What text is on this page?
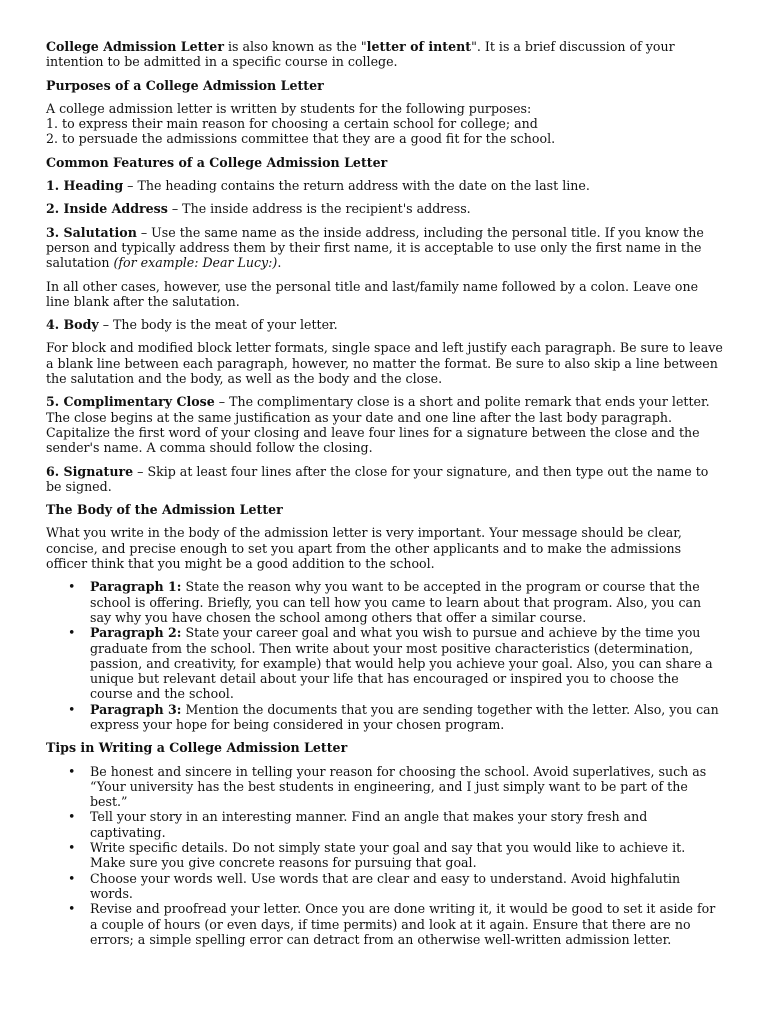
College Admission Letter is also known as the "letter of intent". It is a brief discussion of your intention to be admitted in a specific course in college.

Purposes of a College Admission Letter

A college admission letter is written by students for the following purposes:
1. to express their main reason for choosing a certain school for college; and
2. to persuade the admissions committee that they are a good fit for the school.

Common Features of a College Admission Letter

1. Heading – The heading contains the return address with the date on the last line.

2. Inside Address – The inside address is the recipient's address.

3. Salutation – Use the same name as the inside address, including the personal title. If you know the person and typically address them by their first name, it is acceptable to use only the first name in the salutation (for example: Dear Lucy:).

In all other cases, however, use the personal title and last/family name followed by a colon. Leave one line blank after the salutation.

4. Body – The body is the meat of your letter.

For block and modified block letter formats, single space and left justify each paragraph. Be sure to leave a blank line between each paragraph, however, no matter the format. Be sure to also skip a line between the salutation and the body, as well as the body and the close.

5. Complimentary Close – The complimentary close is a short and polite remark that ends your letter. The close begins at the same justification as your date and one line after the last body paragraph. Capitalize the first word of your closing and leave four lines for a signature between the close and the sender's name. A comma should follow the closing.

6. Signature – Skip at least four lines after the close for your signature, and then type out the name to be signed.

The Body of the Admission Letter

What you write in the body of the admission letter is very important. Your message should be clear, concise, and precise enough to set you apart from the other applicants and to make the admissions officer think that you might be a good addition to the school.

• Paragraph 1: State the reason why you want to be accepted in the program or course that the school is offering. Briefly, you can tell how you came to learn about that program. Also, you can say why you have chosen the school among others that offer a similar course.
• Paragraph 2: State your career goal and what you wish to pursue and achieve by the time you graduate from the school. Then write about your most positive characteristics (determination, passion, and creativity, for example) that would help you achieve your goal. Also, you can share a unique but relevant detail about your life that has encouraged or inspired you to choose the course and the school.
• Paragraph 3: Mention the documents that you are sending together with the letter. Also, you can express your hope for being considered in your chosen program.

Tips in Writing a College Admission Letter

• Be honest and sincere in telling your reason for choosing the school. Avoid superlatives, such as “Your university has the best students in engineering, and I just simply want to be part of the best.”
• Tell your story in an interesting manner. Find an angle that makes your story fresh and captivating.
• Write specific details. Do not simply state your goal and say that you would like to achieve it. Make sure you give concrete reasons for pursuing that goal.
• Choose your words well. Use words that are clear and easy to understand. Avoid highfalutin words.
• Revise and proofread your letter. Once you are done writing it, it would be good to set it aside for a couple of hours (or even days, if time permits) and look at it again. Ensure that there are no errors; a simple spelling error can detract from an otherwise well-written admission letter.
